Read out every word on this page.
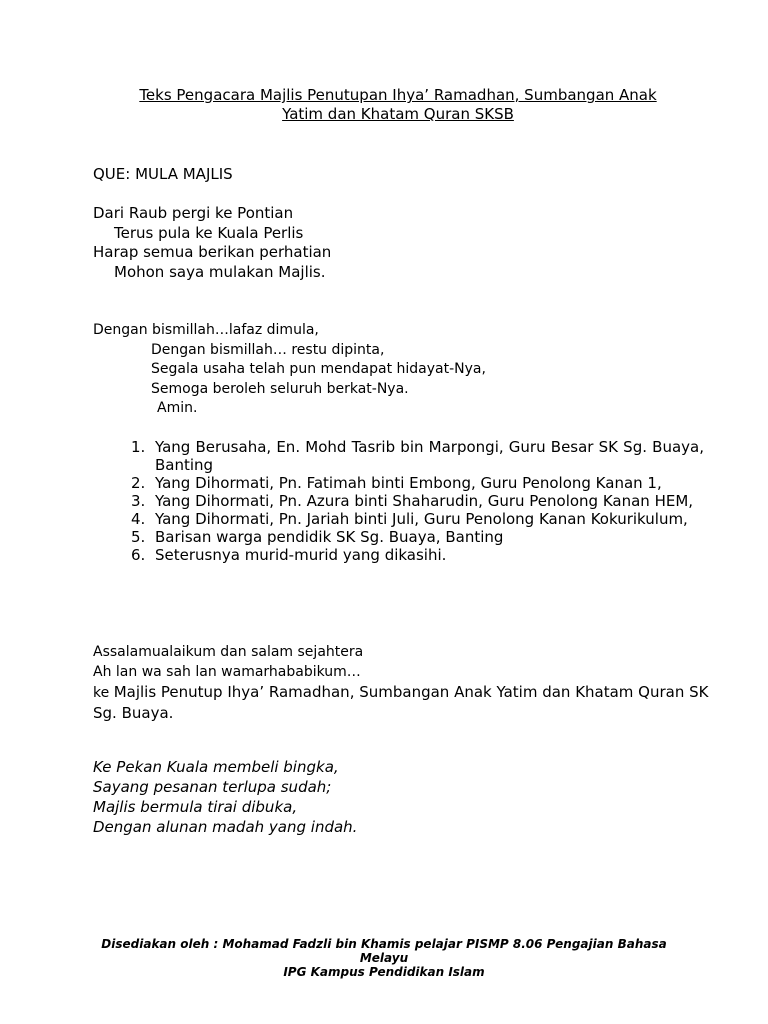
Teks Pengacara Majlis Penutupan Ihya’ Ramadhan, Sumbangan Anak
Yatim dan Khatam Quran SKSB
QUE: MULA MAJLIS
Dari Raub pergi ke Pontian
Terus pula ke Kuala Perlis
Harap semua berikan perhatian
Mohon saya mulakan Majlis.
Dengan bismillah…lafaz dimula,
Dengan bismillah… restu dipinta,
Segala usaha telah pun mendapat hidayat-Nya,
Semoga beroleh seluruh berkat-Nya.
Amin.
1. Yang Berusaha, En. Mohd Tasrib bin Marpongi, Guru Besar SK Sg. Buaya, Banting
2. Yang Dihormati, Pn. Fatimah binti Embong, Guru Penolong Kanan 1,
3. Yang Dihormati, Pn. Azura binti Shaharudin, Guru Penolong Kanan HEM,
4. Yang Dihormati, Pn. Jariah binti Juli, Guru Penolong Kanan Kokurikulum,
5. Barisan warga pendidik SK Sg. Buaya, Banting
6. Seterusnya murid-murid yang dikasihi.
Assalamualaikum dan salam sejahtera
Ah lan wa sah lan wamarhababikum…
ke Majlis Penutup Ihya’ Ramadhan, Sumbangan Anak Yatim dan Khatam Quran SK Sg. Buaya.
Ke Pekan Kuala membeli bingka,
Sayang pesanan terlupa sudah;
Majlis bermula tirai dibuka,
Dengan alunan madah yang indah.
Disediakan oleh : Mohamad Fadzli bin Khamis pelajar PISMP 8.06 Pengajian Bahasa
Melayu
IPG Kampus Pendidikan Islam
